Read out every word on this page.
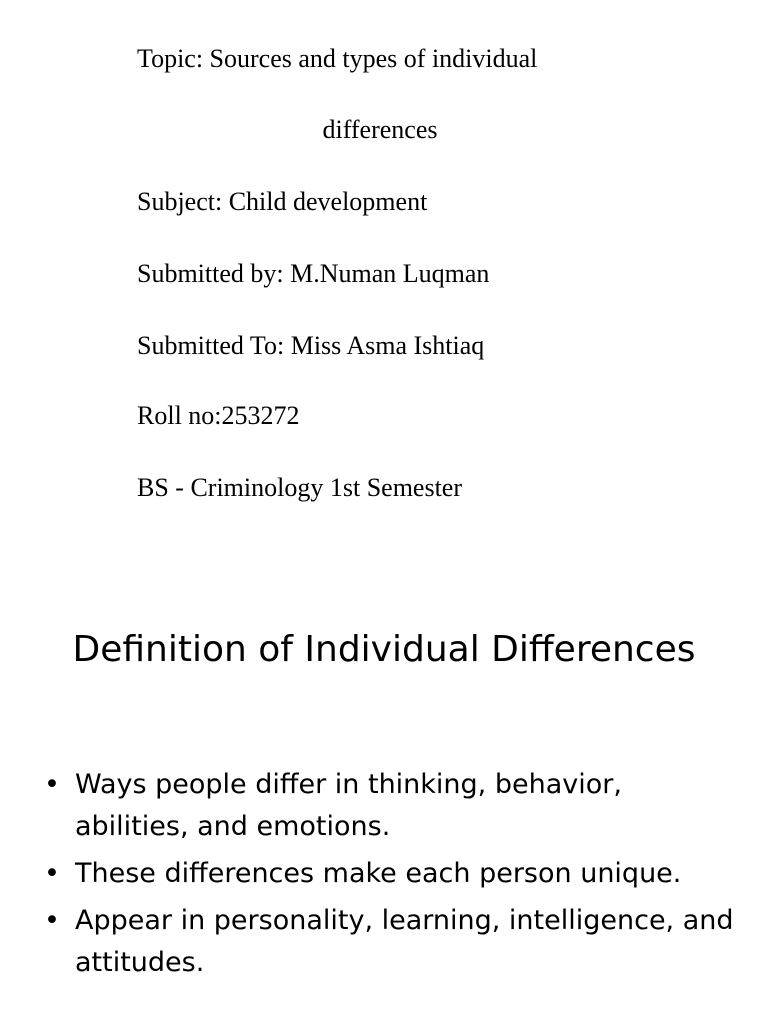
Topic: Sources and types of individual
differences
Subject: Child development
Submitted by: M.Numan Luqman
Submitted To: Miss Asma Ishtiaq
Roll no:253272
BS - Criminology 1st Semester
Definition of Individual Differences
• Ways people differ in thinking, behavior, abilities, and emotions.
• These differences make each person unique.
• Appear in personality, learning, intelligence, and attitudes.
